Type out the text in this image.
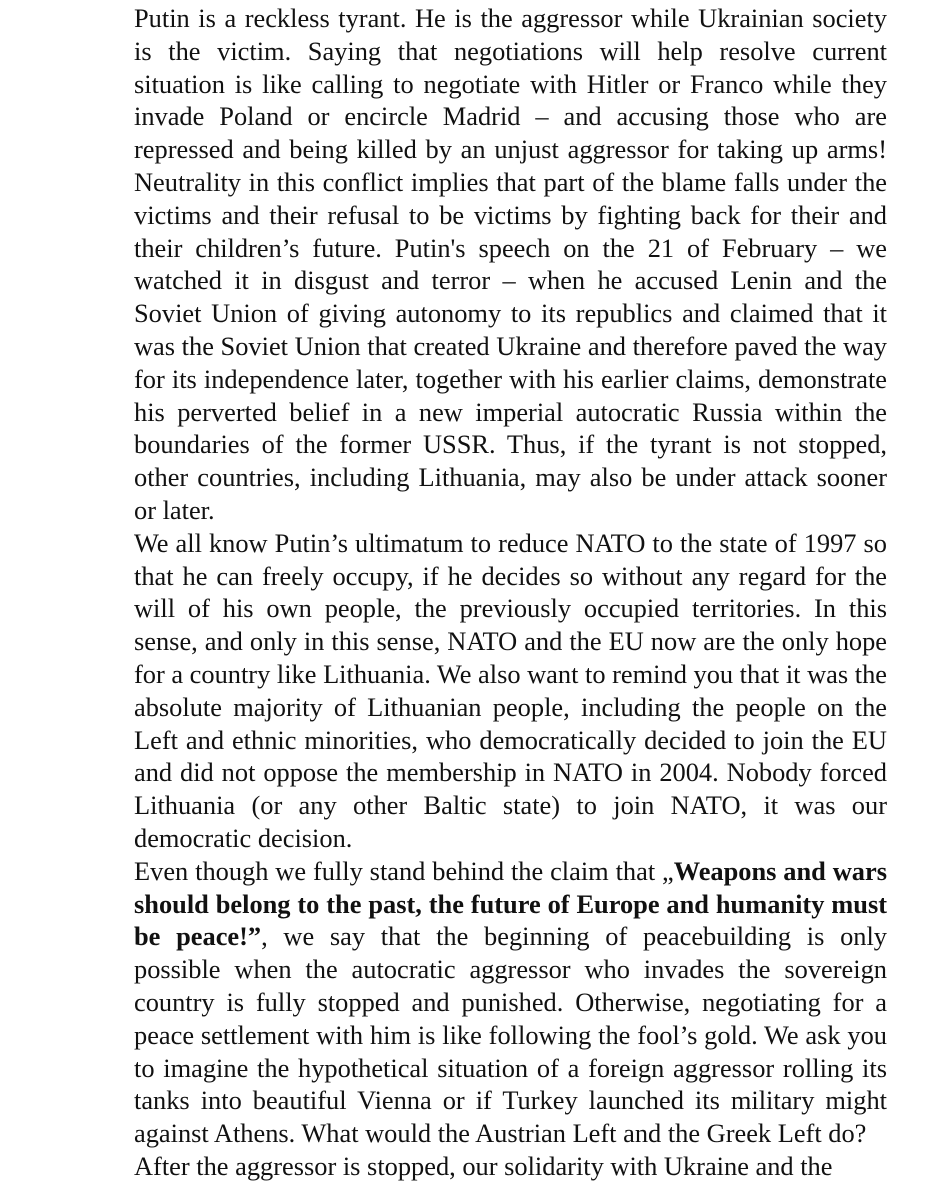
Putin is a reckless tyrant. He is the aggressor while Ukrainian society is the victim. Saying that negotiations will help resolve current situation is like calling to negotiate with Hitler or Franco while they invade Poland or encircle Madrid – and accusing those who are repressed and being killed by an unjust aggressor for taking up arms! Neutrality in this conflict implies that part of the blame falls under the victims and their refusal to be victims by fighting back for their and their children’s future. Putin's speech on the 21 of February – we watched it in disgust and terror – when he accused Lenin and the Soviet Union of giving autonomy to its republics and claimed that it was the Soviet Union that created Ukraine and therefore paved the way for its independence later, together with his earlier claims, demonstrate his perverted belief in a new imperial autocratic Russia within the boundaries of the former USSR. Thus, if the tyrant is not stopped, other countries, including Lithuania, may also be under attack sooner or later.

We all know Putin’s ultimatum to reduce NATO to the state of 1997 so that he can freely occupy, if he decides so without any regard for the will of his own people, the previously occupied territories. In this sense, and only in this sense, NATO and the EU now are the only hope for a country like Lithuania. We also want to remind you that it was the absolute majority of Lithuanian people, including the people on the Left and ethnic minorities, who democratically decided to join the EU and did not oppose the membership in NATO in 2004. Nobody forced Lithuania (or any other Baltic state) to join NATO, it was our democratic decision.

Even though we fully stand behind the claim that „Weapons and wars should belong to the past, the future of Europe and humanity must be peace!”, we say that the beginning of peacebuilding is only possible when the autocratic aggressor who invades the sovereign country is fully stopped and punished. Otherwise, negotiating for a peace settlement with him is like following the fool’s gold. We ask you to imagine the hypothetical situation of a foreign aggressor rolling its tanks into beautiful Vienna or if Turkey launched its military might against Athens. What would the Austrian Left and the Greek Left do?

After the aggressor is stopped, our solidarity with Ukraine and the
